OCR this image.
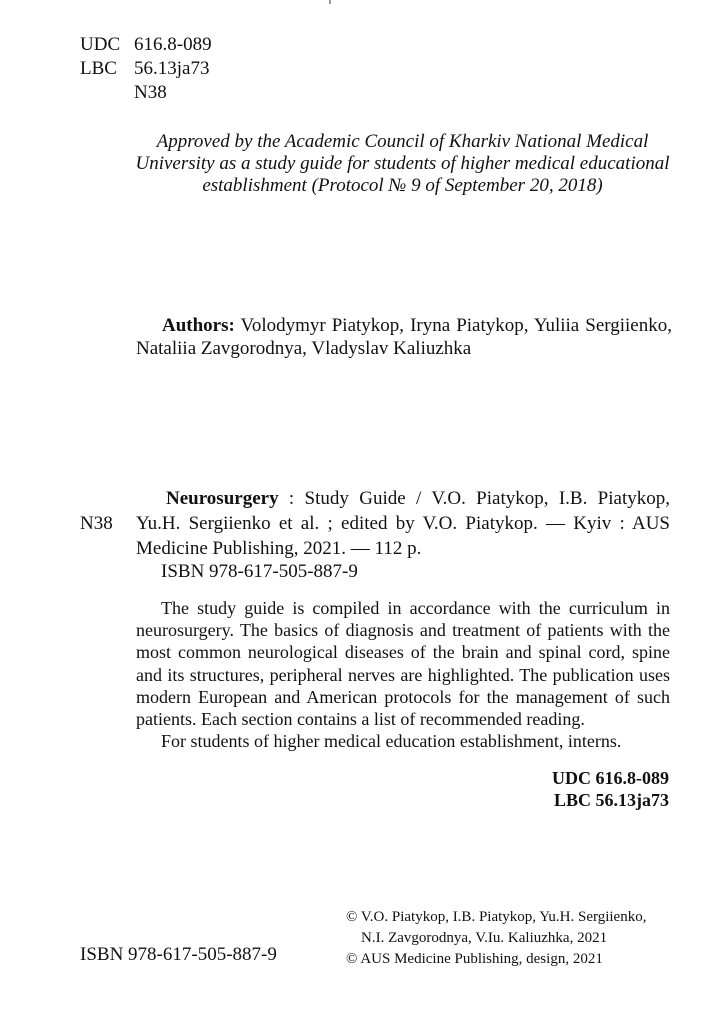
UDC 616.8-089
LBC 56.13ja73
N38
Approved by the Academic Council of Kharkiv National Medical University as a study guide for students of higher medical educational establishment (Protocol № 9 of September 20, 2018)
Authors: Volodymyr Piatykop, Iryna Piatykop, Yuliia Sergiienko, Nataliia Zavgorodnya, Vladyslav Kaliuzhka
N38
Neurosurgery : Study Guide / V.O. Piatykop, I.B. Piatykop, Yu.H. Sergiienko et al. ; edited by V.O. Piatykop. — Kyiv : AUS Medicine Publishing, 2021. — 112 p.
ISBN 978-617-505-887-9

The study guide is compiled in accordance with the curriculum in neurosurgery. The basics of diagnosis and treatment of patients with the most common neurological diseases of the brain and spinal cord, spine and its structures, peripheral nerves are highlighted. The publication uses modern European and American protocols for the management of such patients. Each section contains a list of recommended reading.

For students of higher medical education establishment, interns.

UDC 616.8-089
LBC 56.13ja73
© V.O. Piatykop, I.B. Piatykop, Yu.H. Sergiienko,
N.I. Zavgorodnya, V.Iu. Kaliuzhka, 2021
© AUS Medicine Publishing, design, 2021
ISBN 978-617-505-887-9
